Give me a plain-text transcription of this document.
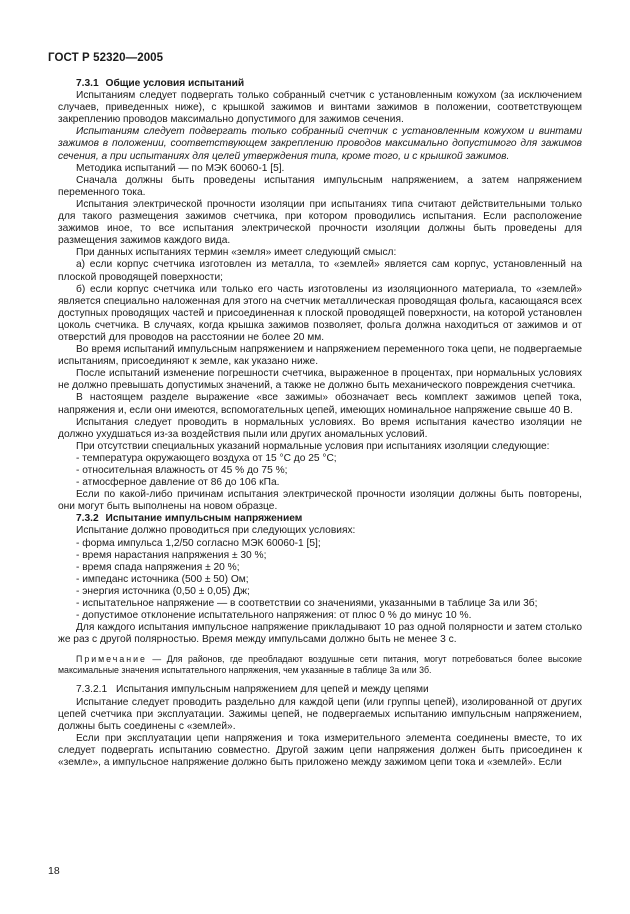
ГОСТ Р 52320—2005
7.3.1 Общие условия испытаний

Испытаниям следует подвергать только собранный счетчик с установленным кожухом (за исключением случаев, приведенных ниже), с крышкой зажимов и винтами зажимов в положении, соответствующем закреплению проводов максимально допустимого для зажимов сечения.

Испытаниям следует подвергать только собранный счетчик с установленным кожухом и винтами зажимов в положении, соответствующем закреплению проводов максимально допустимого для зажимов сечения, а при испытаниях для целей утверждения типа, кроме того, и с крышкой зажимов.

Методика испытаний — по МЭК 60060-1 [5].

Сначала должны быть проведены испытания импульсным напряжением, а затем напряжением переменного тока.

Испытания электрической прочности изоляции при испытаниях типа считают действительными только для такого размещения зажимов счетчика, при котором проводились испытания. Если расположение зажимов иное, то все испытания электрической прочности изоляции должны быть проведены для размещения зажимов каждого вида.

При данных испытаниях термин «земля» имеет следующий смысл:

а) если корпус счетчика изготовлен из металла, то «землей» является сам корпус, установленный на плоской проводящей поверхности;

б) если корпус счетчика или только его часть изготовлены из изоляционного материала, то «землей» является специально наложенная для этого на счетчик металлическая проводящая фольга, касающаяся всех доступных проводящих частей и присоединенная к плоской проводящей поверхности, на которой установлен цоколь счетчика. В случаях, когда крышка зажимов позволяет, фольга должна находиться от зажимов и от отверстий для проводов на расстоянии не более 20 мм.

Во время испытаний импульсным напряжением и напряжением переменного тока цепи, не подвергаемые испытаниям, присоединяют к земле, как указано ниже.

После испытаний изменение погрешности счетчика, выраженное в процентах, при нормальных условиях не должно превышать допустимых значений, а также не должно быть механического повреждения счетчика.

В настоящем разделе выражение «все зажимы» обозначает весь комплект зажимов цепей тока, напряжения и, если они имеются, вспомогательных цепей, имеющих номинальное напряжение свыше 40 В.

Испытания следует проводить в нормальных условиях. Во время испытания качество изоляции не должно ухудшаться из-за воздействия пыли или других аномальных условий.

При отсутствии специальных указаний нормальные условия при испытаниях изоляции следующие:

- температура окружающего воздуха от 15 °С до 25 °С;
- относительная влажность от 45 % до 75 %;
- атмосферное давление от 86 до 106 кПа.

Если по какой-либо причинам испытания электрической прочности изоляции должны быть повторены, они могут быть выполнены на новом образце.

7.3.2 Испытание импульсным напряжением

Испытание должно проводиться при следующих условиях:

- форма импульса 1,2/50 согласно МЭК 60060-1 [5];
- время нарастания напряжения ± 30 %;
- время спада напряжения ± 20 %;
- импеданс источника (500 ± 50) Ом;
- энергия источника (0,50 ± 0,05) Дж;
- испытательное напряжение — в соответствии со значениями, указанными в таблице 3а или 3б;
- допустимое отклонение испытательного напряжения: от плюс 0 % до минус 10 %.

Для каждого испытания импульсное напряжение прикладывают 10 раз одной полярности и затем столько же раз с другой полярностью. Время между импульсами должно быть не менее 3 с.

Примечание — Для районов, где преобладают воздушные сети питания, могут потребоваться более высокие максимальные значения испытательного напряжения, чем указанные в таблице 3а или 3б.

7.3.2.1 Испытания импульсным напряжением для цепей и между цепями

Испытание следует проводить раздельно для каждой цепи (или группы цепей), изолированной от других цепей счетчика при эксплуатации. Зажимы цепей, не подвергаемых испытанию импульсным напряжением, должны быть соединены с «землей».

Если при эксплуатации цепи напряжения и тока измерительного элемента соединены вместе, то их следует подвергать испытанию совместно. Другой зажим цепи напряжения должен быть присоединен к «земле», а импульсное напряжение должно быть приложено между зажимом цепи тока и «землей». Если

18
